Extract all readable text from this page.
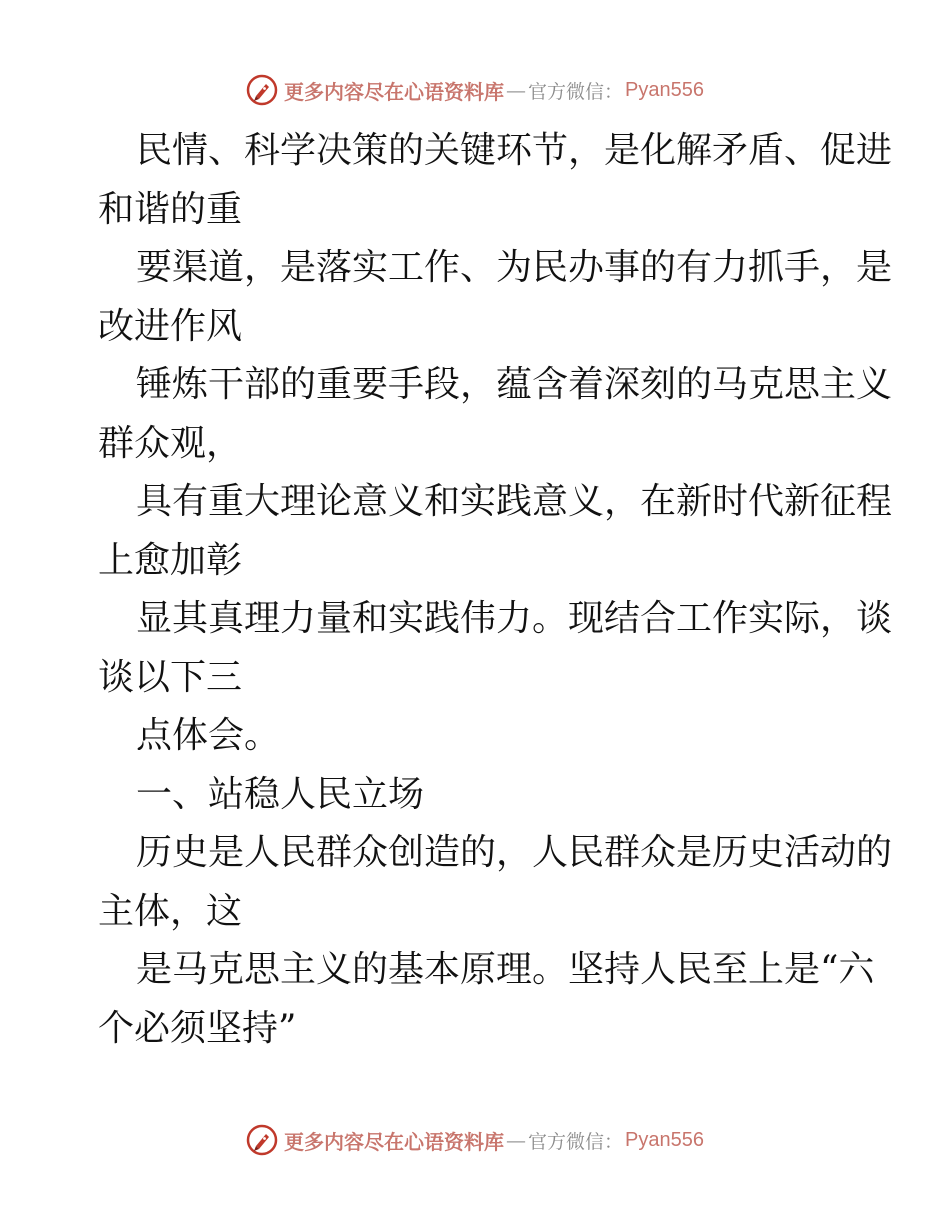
更多内容尽在心语资料库 — 官方微信： Pyan556
民情、科学决策的关键环节，是化解矛盾、促进
和谐的重
要渠道，是落实工作、为民办事的有力抓手，是
改进作风
锤炼干部的重要手段，蕴含着深刻的马克思主义
群众观，
具有重大理论意义和实践意义，在新时代新征程
上愈加彰
显其真理力量和实践伟力。现结合工作实际，谈
谈以下三
点体会。
一、站稳人民立场
历史是人民群众创造的，人民群众是历史活动的
主体，这
是马克思主义的基本原理。坚持人民至上是“六
个必须坚持”
更多内容尽在心语资料库 — 官方微信： Pyan556
